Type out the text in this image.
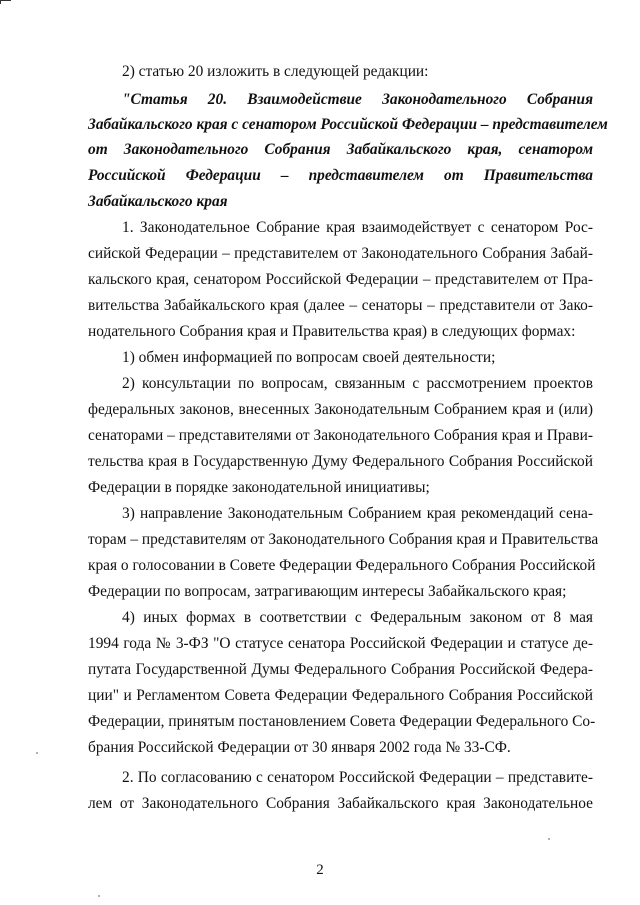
2) статью 20 изложить в следующей редакции:
"Статья 20. Взаимодействие Законодательного Собрания
Забайкальского края с сенатором Российской Федерации – представителем
от Законодательного Собрания Забайкальского края, сенатором
Российской Федерации – представителем от Правительства
Забайкальского края
1. Законодательное Собрание края взаимодействует с сенатором Рос-
сийской Федерации – представителем от Законодательного Собрания Забай-
кальского края, сенатором Российской Федерации – представителем от Пра-
вительства Забайкальского края (далее – сенаторы – представители от Зако-
нодательного Собрания края и Правительства края) в следующих формах:
1) обмен информацией по вопросам своей деятельности;
2) консультации по вопросам, связанным с рассмотрением проектов
федеральных законов, внесенных Законодательным Собранием края и (или)
сенаторами – представителями от Законодательного Собрания края и Прави-
тельства края в Государственную Думу Федерального Собрания Российской
Федерации в порядке законодательной инициативы;
3) направление Законодательным Собранием края рекомендаций сена-
торам – представителям от Законодательного Собрания края и Правительства
края о голосовании в Совете Федерации Федерального Собрания Российской
Федерации по вопросам, затрагивающим интересы Забайкальского края;
4) иных формах в соответствии с Федеральным законом от 8 мая
1994 года № 3-ФЗ "О статусе сенатора Российской Федерации и статусе де-
путата Государственной Думы Федерального Собрания Российской Федера-
ции" и Регламентом Совета Федерации Федерального Собрания Российской
Федерации, принятым постановлением Совета Федерации Федерального Со-
брания Российской Федерации от 30 января 2002 года № 33-СФ.
2. По согласованию с сенатором Российской Федерации – представите-
лем от Законодательного Собрания Забайкальского края Законодательное
2
